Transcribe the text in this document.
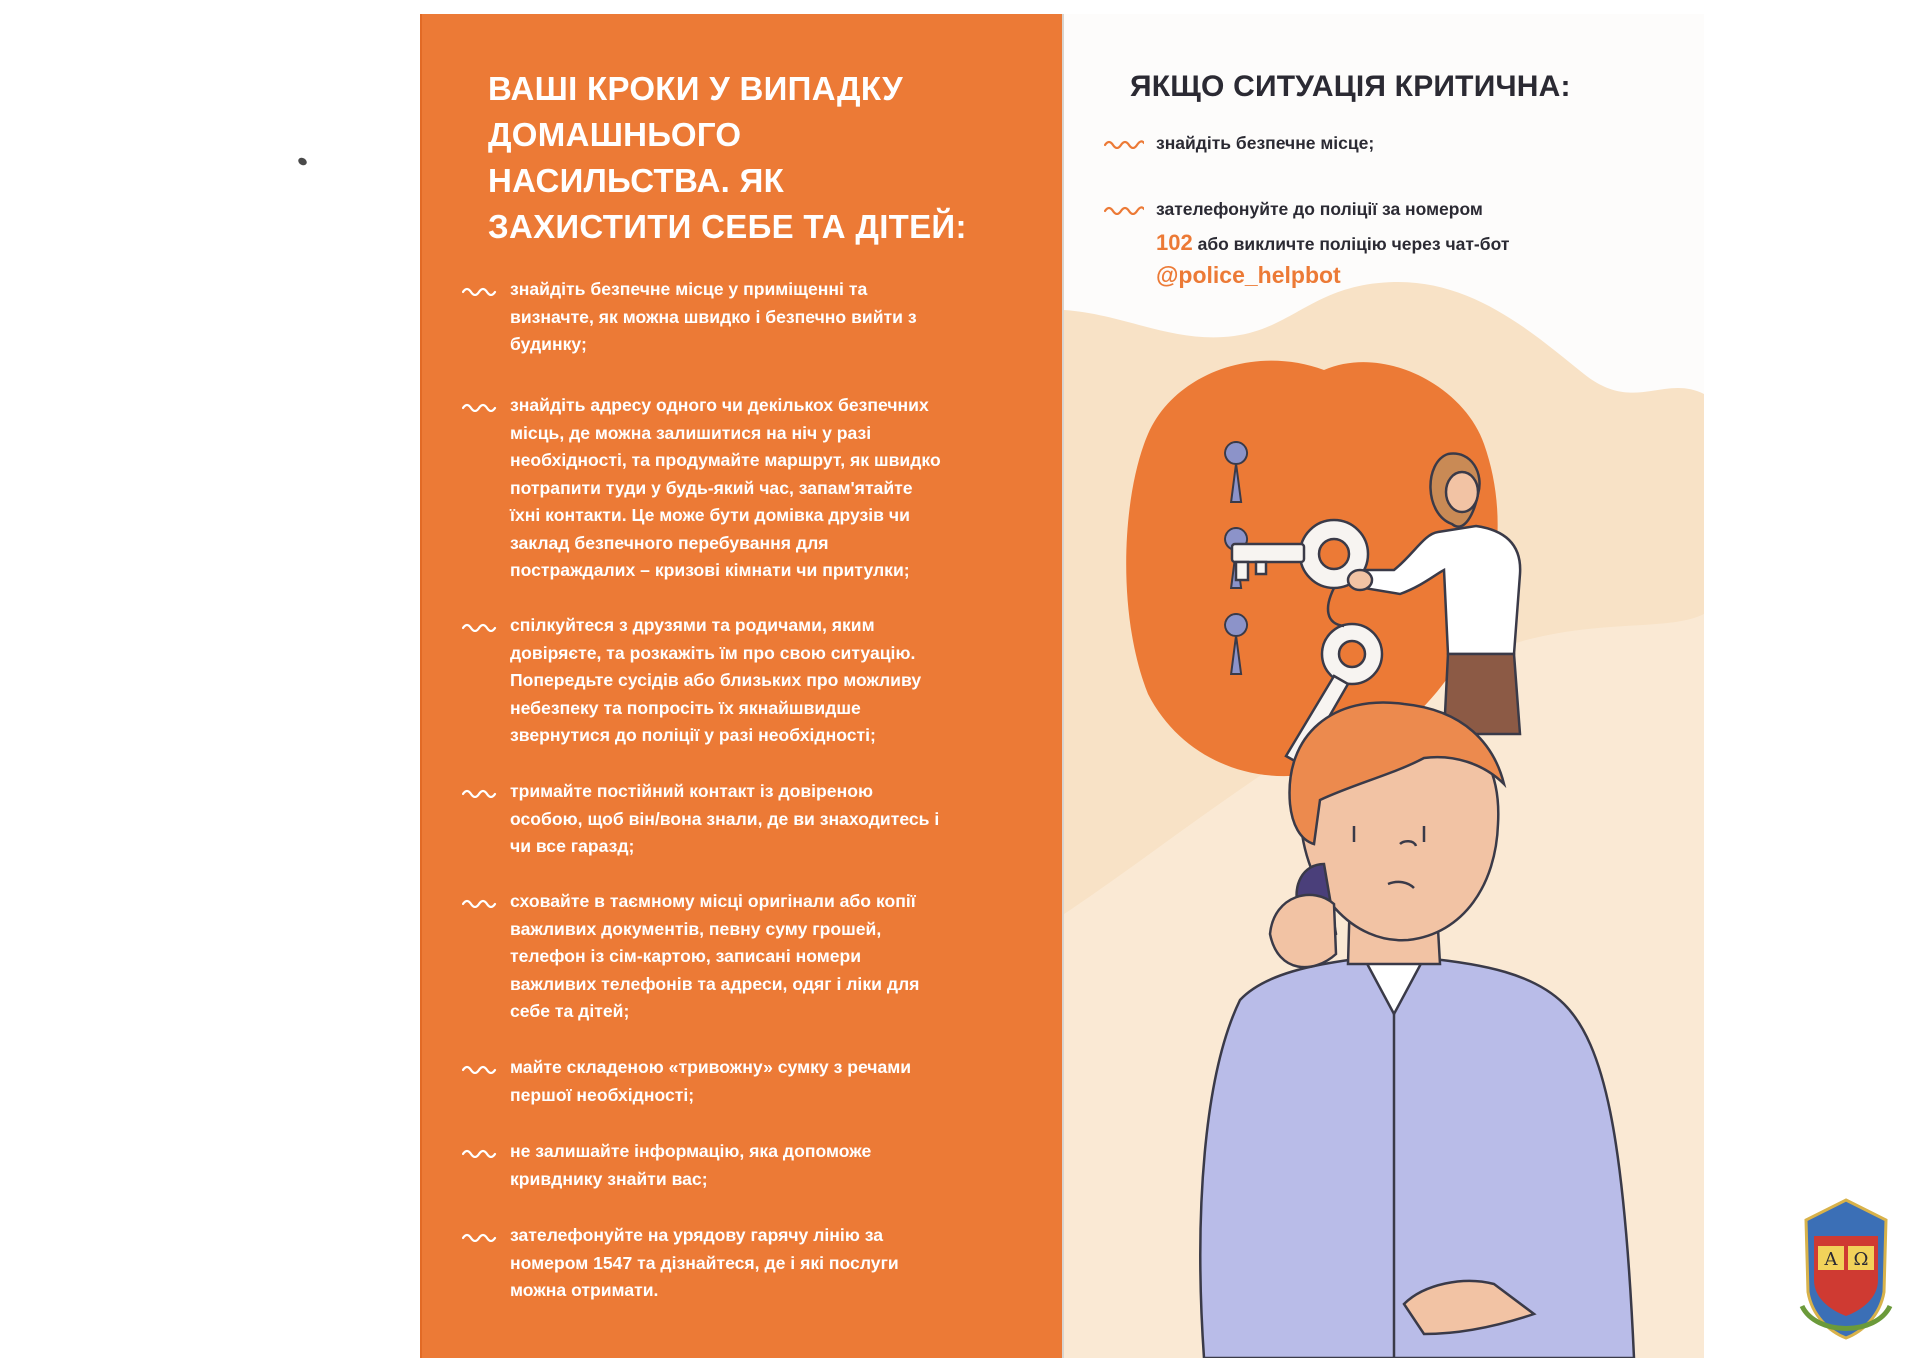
ВАШІ КРОКИ У ВИПАДКУ
ДОМАШНЬОГО
НАСИЛЬСТВА. ЯК
ЗАХИСТИТИ СЕБЕ ТА ДІТЕЙ:
знайдіть безпечне місце у приміщенні та
визначте, як можна швидко і безпечно вийти з
будинку;
знайдіть адресу одного чи декількох безпечних
місць, де можна залишитися на ніч у разі
необхідності, та продумайте маршрут, як швидко
потрапити туди у будь-який час, запам'ятайте
їхні контакти. Це може бути домівка друзів чи
заклад безпечного перебування для
постраждалих – кризові кімнати чи притулки;
спілкуйтеся з друзями та родичами, яким
довіряєте, та розкажіть їм про свою ситуацію.
Попередьте сусідів або близьких про можливу
небезпеку та попросіть їх якнайшвидше
звернутися до поліції у разі необхідності;
тримайте постійний контакт із довіреною
особою, щоб він/вона знали, де ви знаходитесь і
чи все гаразд;
сховайте в таємному місці оригінали або копії
важливих документів, певну суму грошей,
телефон із сім-картою, записані номери
важливих телефонів та адреси, одяг і ліки для
себе та дітей;
майте складеною «тривожну» сумку з речами
першої необхідності;
не залишайте інформацію, яка допоможе
кривднику знайти вас;
зателефонуйте на урядову гарячу лінію за
номером 1547 та дізнайтеся, де і які послуги
можна отримати.
ЯКЩО СИТУАЦІЯ КРИТИЧНА:
знайдіть безпечне місце;
зателефонуйте до поліції за номером
102 або викличте поліцію через чат-бот
@police_helpbot
А Ω
